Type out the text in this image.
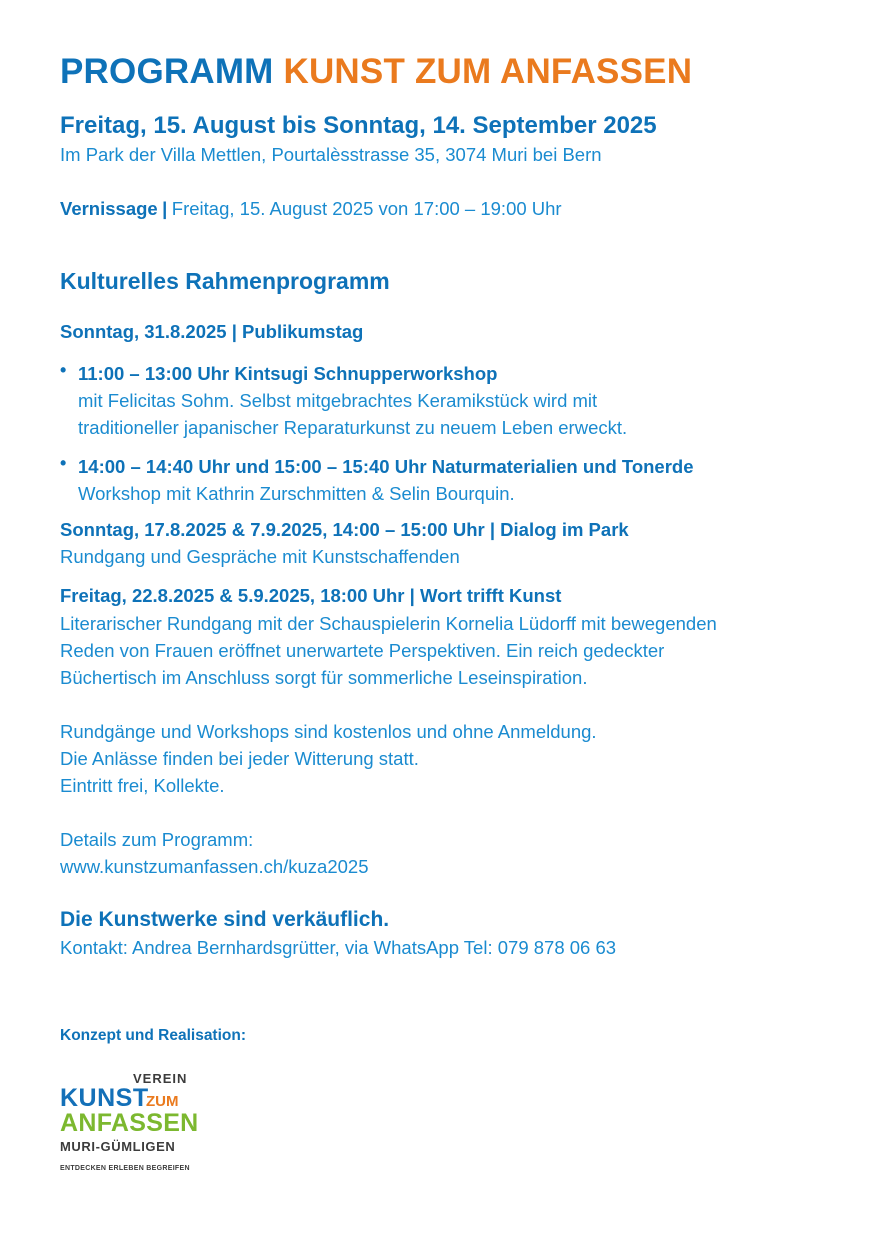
PROGRAMM KUNST ZUM ANFASSEN
Freitag, 15. August bis Sonntag, 14. September 2025
Im Park der Villa Mettlen, Pourtalèsstrasse 35, 3074 Muri bei Bern
Vernissage | Freitag, 15. August 2025 von 17:00 – 19:00 Uhr
Kulturelles Rahmenprogramm
Sonntag, 31.8.2025 | Publikumstag
• 11:00 – 13:00 Uhr Kintsugi Schnupperworkshop
mit Felicitas Sohm. Selbst mitgebrachtes Keramikstück wird mit
traditioneller japanischer Reparaturkunst zu neuem Leben erweckt.
• 14:00 – 14:40 Uhr und 15:00 – 15:40 Uhr Naturmaterialien und Tonerde
Workshop mit Kathrin Zurschmitten & Selin Bourquin.
Sonntag, 17.8.2025 & 7.9.2025, 14:00 – 15:00 Uhr | Dialog im Park
Rundgang und Gespräche mit Kunstschaffenden
Freitag, 22.8.2025 & 5.9.2025, 18:00 Uhr | Wort trifft Kunst
Literarischer Rundgang mit der Schauspielerin Kornelia Lüdorff mit bewegenden
Reden von Frauen eröffnet unerwartete Perspektiven. Ein reich gedeckter
Büchertisch im Anschluss sorgt für sommerliche Leseinspiration.
Rundgänge und Workshops sind kostenlos und ohne Anmeldung.
Die Anlässe finden bei jeder Witterung statt.
Eintritt frei, Kollekte.
Details zum Programm:
www.kunstzumanfassen.ch/kuza2025
Die Kunstwerke sind verkäuflich.
Kontakt: Andrea Bernhardsgrütter, via WhatsApp Tel: 079 878 06 63
Konzept und Realisation:
VEREIN
KUNST
ZUM
ANFASSEN
MURI-GÜMLIGEN
ENTDECKEN ERLEBEN BEGREIFEN
